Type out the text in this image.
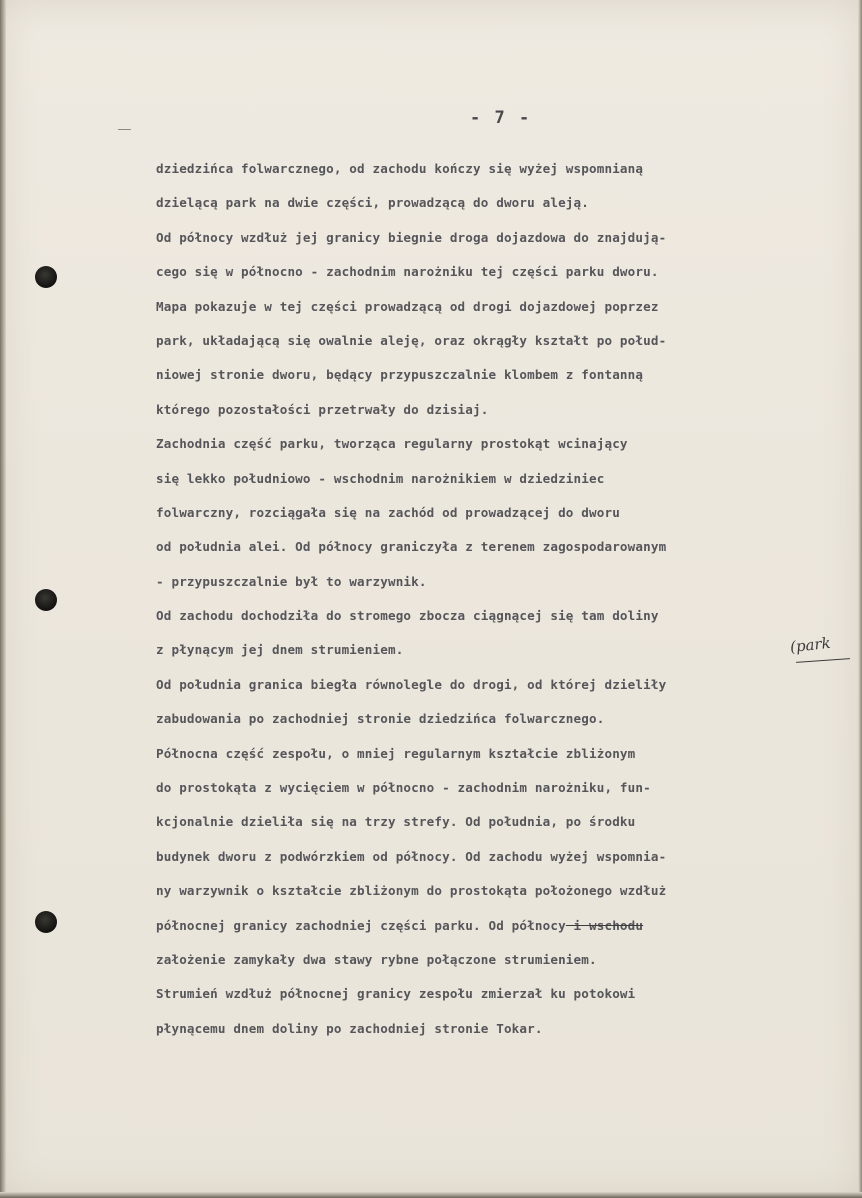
- 7 -
(park
dziedzińca folwarcznego, od zachodu kończy się wyżej wspomnianą
dzielącą park na dwie części, prowadzącą do dworu aleją.
Od północy wzdłuż jej granicy biegnie droga dojazdowa do znajdują-
cego się w północno - zachodnim narożniku tej części parku dworu.
Mapa pokazuje w tej części prowadzącą od drogi dojazdowej poprzez
park, układającą się owalnie aleję, oraz okrągły kształt po połud-
niowej stronie dworu, będący przypuszczalnie klombem z fontanną
którego pozostałości przetrwały do dzisiaj.
Zachodnia część parku, tworząca regularny prostokąt wcinający
się lekko południowo - wschodnim narożnikiem w dziedziniec
folwarczny, rozciągała się na zachód od prowadzącej do dworu
od południa alei. Od północy graniczyła z terenem zagospodarowanym
- przypuszczalnie był to warzywnik.
Od zachodu dochodziła do stromego zbocza ciągnącej się tam doliny
z płynącym jej dnem strumieniem.
Od południa granica biegła równolegle do drogi, od której dzieliły
zabudowania po zachodniej stronie dziedzińca folwarcznego.
Północna część zespołu, o mniej regularnym kształcie zbliżonym
do prostokąta z wycięciem w północno - zachodnim narożniku, fun-
kcjonalnie dzieliła się na trzy strefy. Od południa, po środku
budynek dworu z podwórzkiem od północy. Od zachodu wyżej wspomnia-
ny warzywnik o kształcie zbliżonym do prostokąta położonego wzdłuż
północnej granicy zachodniej części parku. Od północy i wschodu
założenie zamykały dwa stawy rybne połączone strumieniem.
Strumień wzdłuż północnej granicy zespołu zmierzał ku potokowi
płynącemu dnem doliny po zachodniej stronie Tokar.
